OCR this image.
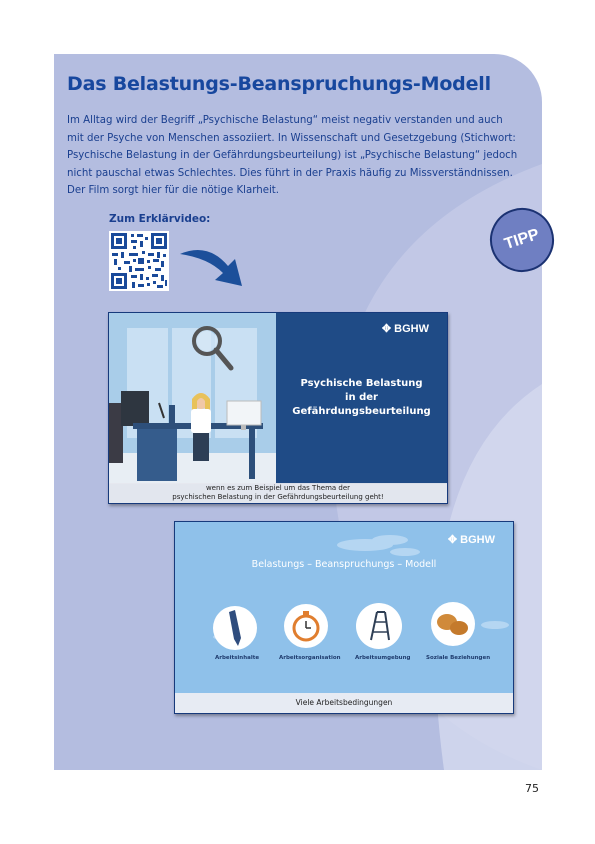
Das Belastungs-Beanspruchungs-Modell

Im Alltag wird der Begriff „Psychische Belastung“ meist negativ verstanden und auch
mit der Psyche von Menschen assoziiert. In Wissenschaft und Gesetzgebung (Stichwort:
Psychische Belastung in der Gefährdungsbeurteilung) ist „Psychische Belastung“ jedoch
nicht pauschal etwas Schlechtes. Dies führt in der Praxis häufig zu Missverständnissen.
Der Film sorgt hier für die nötige Klarheit.

Zum Erklärvideo:
TIPP
✥ BGHW
Psychische Belastung
in der
Gefährdungsbeurteilung
wenn es zum Beispiel um das Thema der
psychischen Belastung in der Gefährdungsbeurteilung geht!
✥ BGHW
Belastungs – Beanspruchungs – Modell
Arbeitsinhalte	Arbeitsorganisation	Arbeitsumgebung	Soziale Beziehungen
Viele Arbeitsbedingungen
75
